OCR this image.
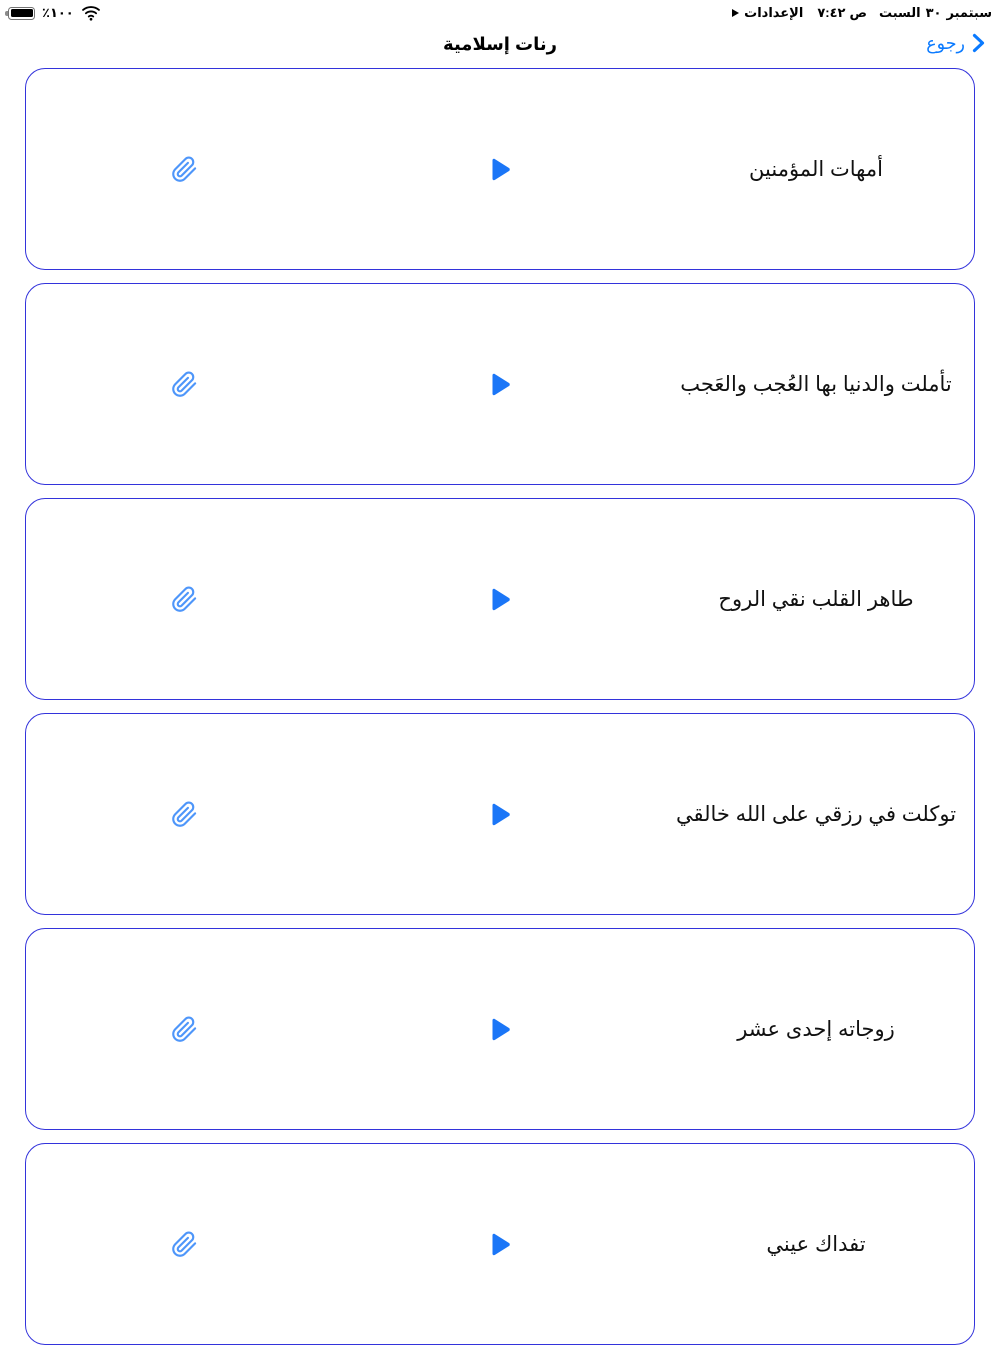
٪١٠٠	الإعدادات ٧:٤٢ ص السبت ٣٠ سبتمبر
رنات إسلامية	رجوع
أمهات المؤمنين
تأملت والدنيا بها العُجب والعَجب
طاهر القلب نقي الروح
توكلت في رزقي على الله خالقي
زوجاته إحدى عشر
تفداك عيني
